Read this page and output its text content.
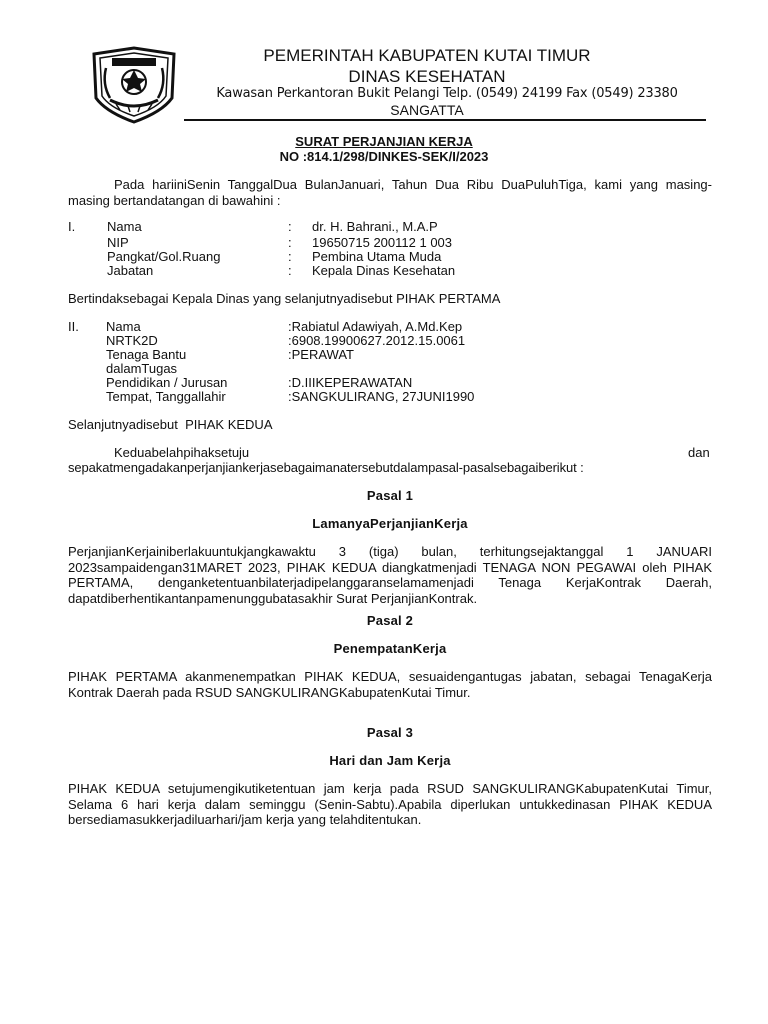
PEMERINTAH KABUPATEN KUTAI TIMUR
DINAS KESEHATAN
Kawasan Perkantoran Bukit Pelangi Telp. (0549) 24199 Fax (0549) 23380
SANGATTA
SURAT PERJANJIAN KERJA
NO :814.1/298/DINKES-SEK/I/2023
Pada hariiniSenin TanggalDua BulanJanuari, Tahun Dua Ribu DuaPuluhTiga, kami yang masing-masing bertandatangan di bawahini :
I. Nama	: dr. H. Bahrani., M.A.P
NIP	: 19650715 200112 1 003
Pangkat/Gol.Ruang	: Pembina Utama Muda
Jabatan	: Kepala Dinas Kesehatan
Bertindaksebagai Kepala Dinas yang selanjutnyadisebut PIHAK PERTAMA
II. Nama	:Rabiatul Adawiyah, A.Md.Kep
NRTK2D	:6908.19900627.2012.15.0061
Tenaga Bantu	:PERAWAT
dalamTugas
Pendidikan / Jurusan	:D.IIIKEPERAWATAN
Tempat, Tanggallahir	:SANGKULIRANG, 27JUNI1990
Selanjutnyadisebut  PIHAK KEDUA
Keduabelahpihaksetuju	dan
sepakatmengadakanperjanjiankerjasebagaimanatersebutdalampasal-pasalsebagaiberikut :
Pasal 1
LamanyaPerjanjianKerja
PerjanjianKerjainiberlakuuntukjangkawaktu 3 (tiga) bulan, terhitungsejaktanggal 1 JANUARI 2023sampaidengan31MARET 2023, PIHAK KEDUA diangkatmenjadi TENAGA NON PEGAWAI oleh PIHAK PERTAMA, denganketentuanbilaterjadipelanggaranselamamenjadi Tenaga KerjaKontrak Daerah, dapatdiberhentikantanpamenunggubatasakhir Surat PerjanjianKontrak.
Pasal 2
PenempatanKerja
PIHAK PERTAMA akanmenempatkan PIHAK KEDUA, sesuaidengantugas jabatan, sebagai TenagaKerja Kontrak Daerah pada RSUD SANGKULIRANGKabupatenKutai Timur.
Pasal 3
Hari dan Jam Kerja
PIHAK KEDUA setujumengikutiketentuan jam kerja pada RSUD SANGKULIRANGKabupatenKutai Timur, Selama 6 hari kerja dalam seminggu (Senin-Sabtu).Apabila diperlukan untukkedinasan PIHAK KEDUA bersediamasukkerjadiluarhari/jam kerja yang telahditentukan.
